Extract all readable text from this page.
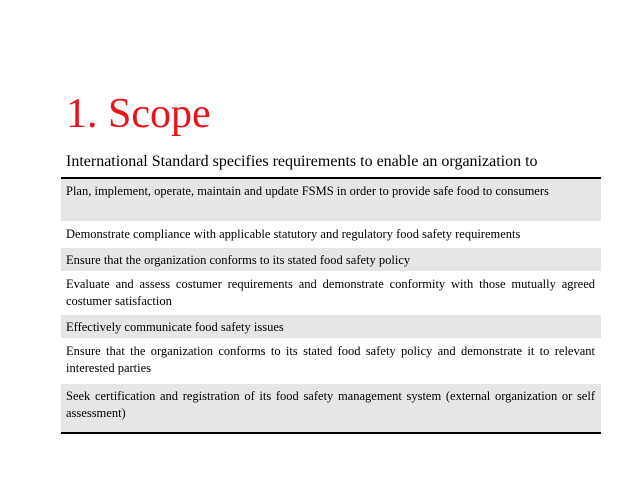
1. Scope
International Standard specifies requirements to enable an organization to
Plan, implement, operate, maintain and update FSMS in order to provide safe food to consumers
Demonstrate compliance with applicable statutory and regulatory food safety requirements
Ensure that the organization conforms to its stated food safety policy
Evaluate and assess costumer requirements and demonstrate conformity with those mutually agreed costumer satisfaction
Effectively communicate food safety issues
Ensure that the organization conforms to its stated food safety policy and demonstrate it to relevant interested parties
Seek certification and registration of its food safety management system (external organization or self assessment)
